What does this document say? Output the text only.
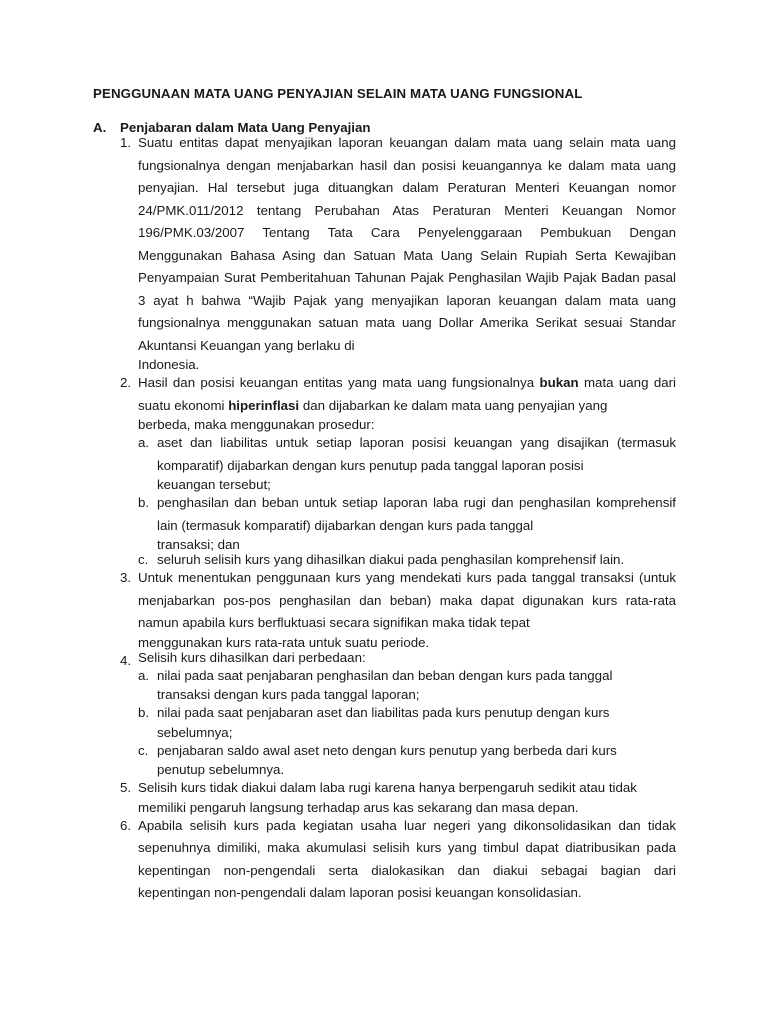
PENGGUNAAN MATA UANG PENYAJIAN SELAIN MATA UANG FUNGSIONAL
A. Penjabaran dalam Mata Uang Penyajian
1. Suatu entitas dapat menyajikan laporan keuangan dalam mata uang selain mata uang fungsionalnya dengan menjabarkan hasil dan posisi keuangannya ke dalam mata uang penyajian. Hal tersebut juga dituangkan dalam Peraturan Menteri Keuangan nomor 24/PMK.011/2012 tentang Perubahan Atas Peraturan Menteri Keuangan Nomor 196/PMK.03/2007 Tentang Tata Cara Penyelenggaraan Pembukuan Dengan Menggunakan Bahasa Asing dan Satuan Mata Uang Selain Rupiah Serta Kewajiban Penyampaian Surat Pemberitahuan Tahunan Pajak Penghasilan Wajib Pajak Badan pasal 3 ayat h bahwa “Wajib Pajak yang menyajikan laporan keuangan dalam mata uang fungsionalnya menggunakan satuan mata uang Dollar Amerika Serikat sesuai Standar Akuntansi Keuangan yang berlaku di
Indonesia.
2. Hasil dan posisi keuangan entitas yang mata uang fungsionalnya bukan mata uang dari suatu ekonomi hiperinflasi dan dijabarkan ke dalam mata uang penyajian yang
berbeda, maka menggunakan prosedur:
a. aset dan liabilitas untuk setiap laporan posisi keuangan yang disajikan (termasuk komparatif) dijabarkan dengan kurs penutup pada tanggal laporan posisi
keuangan tersebut;
b. penghasilan dan beban untuk setiap laporan laba rugi dan penghasilan komprehensif lain (termasuk komparatif) dijabarkan dengan kurs pada tanggal
transaksi; dan
c. seluruh selisih kurs yang dihasilkan diakui pada penghasilan komprehensif lain.
3. Untuk menentukan penggunaan kurs yang mendekati kurs pada tanggal transaksi (untuk menjabarkan pos-pos penghasilan dan beban) maka dapat digunakan kurs rata-rata namun apabila kurs berfluktuasi secara signifikan maka tidak tepat
menggunakan kurs rata-rata untuk suatu periode.
4. Selisih kurs dihasilkan dari perbedaan:
a. nilai pada saat penjabaran penghasilan dan beban dengan kurs pada tanggal
transaksi dengan kurs pada tanggal laporan;
b. nilai pada saat penjabaran aset dan liabilitas pada kurs penutup dengan kurs
sebelumnya;
c. penjabaran saldo awal aset neto dengan kurs penutup yang berbeda dari kurs
penutup sebelumnya.
5. Selisih kurs tidak diakui dalam laba rugi karena hanya berpengaruh sedikit atau tidak
memiliki pengaruh langsung terhadap arus kas sekarang dan masa depan.
6. Apabila selisih kurs pada kegiatan usaha luar negeri yang dikonsolidasikan dan tidak sepenuhnya dimiliki, maka akumulasi selisih kurs yang timbul dapat diatribusikan pada kepentingan non-pengendali serta dialokasikan dan diakui sebagai bagian dari kepentingan non-pengendali dalam laporan posisi keuangan konsolidasian.
